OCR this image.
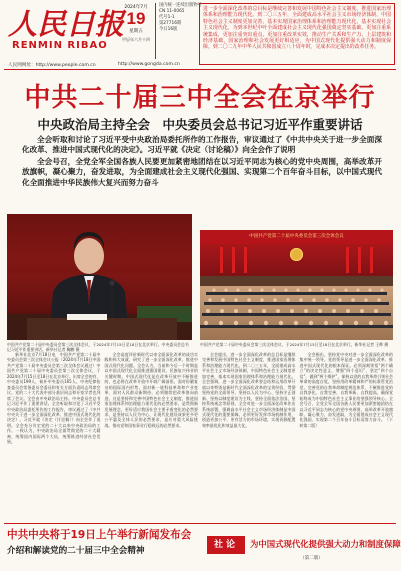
人民日报
RENMIN RIBAO
人民网网址：http://www.people.com.cn	http://www.gongda.com.cn
2024年7月
19
星期五
甲辰年六月十四
国内统一连续出版物号
CN 11-0065
代号1-1
第27716期
今日16版

进一步全面深化改革的总目标是继续完善和发展中国特色社会主义制度，推进国家治理体系和治理能力现代化。到二〇三五年，全面建成高水平社会主义市场经济体制，中国特色社会主义制度更加完善，基本实现国家治理体系和治理能力现代化，基本实现社会主义现代化，为到本世纪中叶全面建成社会主义现代化强国奠定坚实基础。更加注重系统集成，更加注重突出重点，更加注重改革实效，推动生产关系和生产力、上层建筑和经济基础、国家治理和社会发展更好相适应，为中国式现代化提供强大动力和制度保障。到二〇二九年中华人民共和国成立八十周年时，完成本决定提出的改革任务。

中共二十届三中全会在京举行
中央政治局主持全会　中央委员会总书记习近平作重要讲话

全会听取和讨论了习近平受中央政治局委托所作的工作报告，审议通过了《中共中央关于进一步全面深化改革、推进中国式现代化的决定》。习近平就《决定（讨论稿）》向全会作了说明

全会号召，全党全军全国各族人民要更加紧密地团结在以习近平同志为核心的党中央周围，高举改革开放旗帜，凝心聚力，奋发进取，为全面建成社会主义现代化强国、实现第二个百年奋斗目标，以中国式现代化全面推进中华民族伟大复兴而努力奋斗

中国共产党第二十届中央委员会第三次全体会议
中国共产党第二十届中央委员会第三次全体会议，于2024年7月15日至18日在北京举行。中央委员会总书记习近平作重要讲话。新华社记者 鞠鹏 摄
中国共产党第二十届中央委员会第三次全体会议，于2024年7月15日至18日在北京举行。新华社记者 王晔 摄

新华社北京7月18日电　中国共产党第二十届中央委员会第三次全体会议公报（2024年7月18日中国共产党第二十届中央委员会第三次全体会议通过）中国共产党第二十届中央委员会第三次全体会议，于2024年7月15日至18日在北京举行。出席全会的有，中央委员199人，候补中央委员165人。中央纪律检查委员会常务委员会委员和有关方面负责同志列席会议。党的二十大代表中部分基层同志和专家学者也列席了会议。全会由中央政治局主持。中央委员会总书记习近平作了重要讲话。全会听取和讨论了习近平受中央政治局委托所作的工作报告，审议通过了《中共中央关于进一步全面深化改革、推进中国式现代化的决定》。习近平就《决定（讨论稿）》向全会作了说明。全会充分肯定党的二十大以来中央政治局的工作。一致认为，中央政治局全面贯彻党的二十大精神，统筹国内国际两个大局，统筹推进经济社会发展。

全会高度评价新时代以来全面深化改革的成功实践和伟大成就，研究了进一步全面深化改革、推进中国式现代化问题。全会认为，当前和今后一个时期是以中国式现代化全面推进强国建设、民族复兴伟业的关键时期。中国式现代化是在改革开放中不断推进的，也必将在改革开放中开辟广阔前景。面对纷繁复杂的国际国内形势，面对新一轮科技革命和产业变革，面对人民群众新期待，必须继续把改革推向前进。这是坚持和完善中国特色社会主义制度、推进国家治理体系和治理能力现代化的必然要求，是贯彻新发展理念、更好适应我国社会主要矛盾变化的必然要求，是坚持以人民为中心、让现代化建设成果更多更公平惠及全体人民的必然要求，是应对重大风险挑战、推动党和国家事业行稳致远的必然要求。

全会提出，进一步全面深化改革的总目标是继续完善和发展中国特色社会主义制度，推进国家治理体系和治理能力现代化。到二〇三五年，全面建成高水平社会主义市场经济体制，中国特色社会主义制度更加完善，基本实现国家治理体系和治理能力现代化。全会强调，进一步全面深化改革要总结和运用改革开放以来特别是新时代全面深化改革的宝贵经验，贯彻坚持党的全面领导、坚持以人民为中心、坚持守正创新、坚持以制度建设为主线、坚持全面依法治国、坚持系统观念等原则。全会对进一步全面深化改革作出系统部署，强调高水平社会主义市场经济体制是中国式现代化的重要保障。必须更好发挥市场机制作用，创造更加公平、更有活力的市场环境，实现资源配置效率最优化和效益最大化。

全会指出，坚持党中央对进一步全面深化改革的集中统一领导。党的领导是进一步全面深化改革、推进中国式现代化的根本保证。必须深刻领悟“两个确立”的决定性意义，增强“四个意识”、坚定“四个自信”、做到“两个维护”，保持以党的自我革命引领社会革命的高度自觉，坚持用改革精神和严的标准管党治党，完善党的自我革命制度规范体系，不断推进党的自我净化、自我完善、自我革新、自我提高，确保党始终成为中国特色社会主义事业的坚强领导核心。全会号召，全党全军全国各族人民要更加紧密地团结在以习近平同志为核心的党中央周围，高举改革开放旗帜，凝心聚力，奋发进取，为全面建成社会主义现代化强国、实现第二个百年奋斗目标而努力奋斗。（下转第二版）

中共中央将于19日上午举行新闻发布会
介绍和解读党的二十届三中全会精神
社论	为中国式现代化提供强大动力和制度保障
（第二版）
